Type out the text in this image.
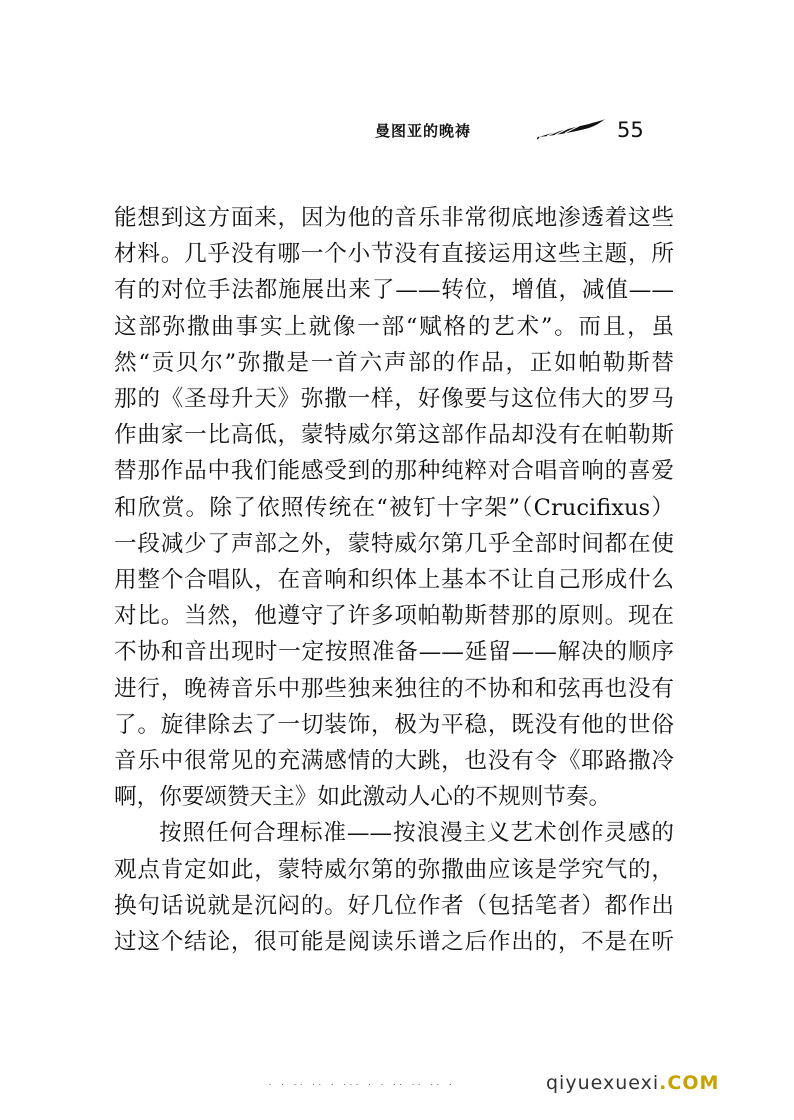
曼图亚的晚祷	55
能想到这方面来，因为他的音乐非常彻底地渗透着这些
材料。几乎没有哪一个小节没有直接运用这些主题，所
有的对位手法都施展出来了——转位，增值，减值——
这部弥撒曲事实上就像一部“赋格的艺术”。而且，虽
然“贡贝尔”弥撒是一首六声部的作品，正如帕勒斯替
那的《圣母升天》弥撒一样，好像要与这位伟大的罗马
作曲家一比高低，蒙特威尔第这部作品却没有在帕勒斯
替那作品中我们能感受到的那种纯粹对合唱音响的喜爱
和欣赏。除了依照传统在“被钉十字架”（Crucifixus）
一段减少了声部之外，蒙特威尔第几乎全部时间都在使
用整个合唱队，在音响和织体上基本不让自己形成什么
对比。当然，他遵守了许多项帕勒斯替那的原则。现在
不协和音出现时一定按照准备——延留——解决的顺序
进行，晚祷音乐中那些独来独往的不协和和弦再也没有
了。旋律除去了一切装饰，极为平稳，既没有他的世俗
音乐中很常见的充满感情的大跳，也没有令《耶路撒冷
啊，你要颂赞天主》如此激动人心的不规则节奏。
按照任何合理标准——按浪漫主义艺术创作灵感的
观点肯定如此，蒙特威尔第的弥撒曲应该是学究气的，
换句话说就是沉闷的。好几位作者（包括笔者）都作出
过这个结论，很可能是阅读乐谱之后作出的，不是在听
· · ·· ·· · ··· · · ·· ·· ·· ·	qiyuexuexi.COM
